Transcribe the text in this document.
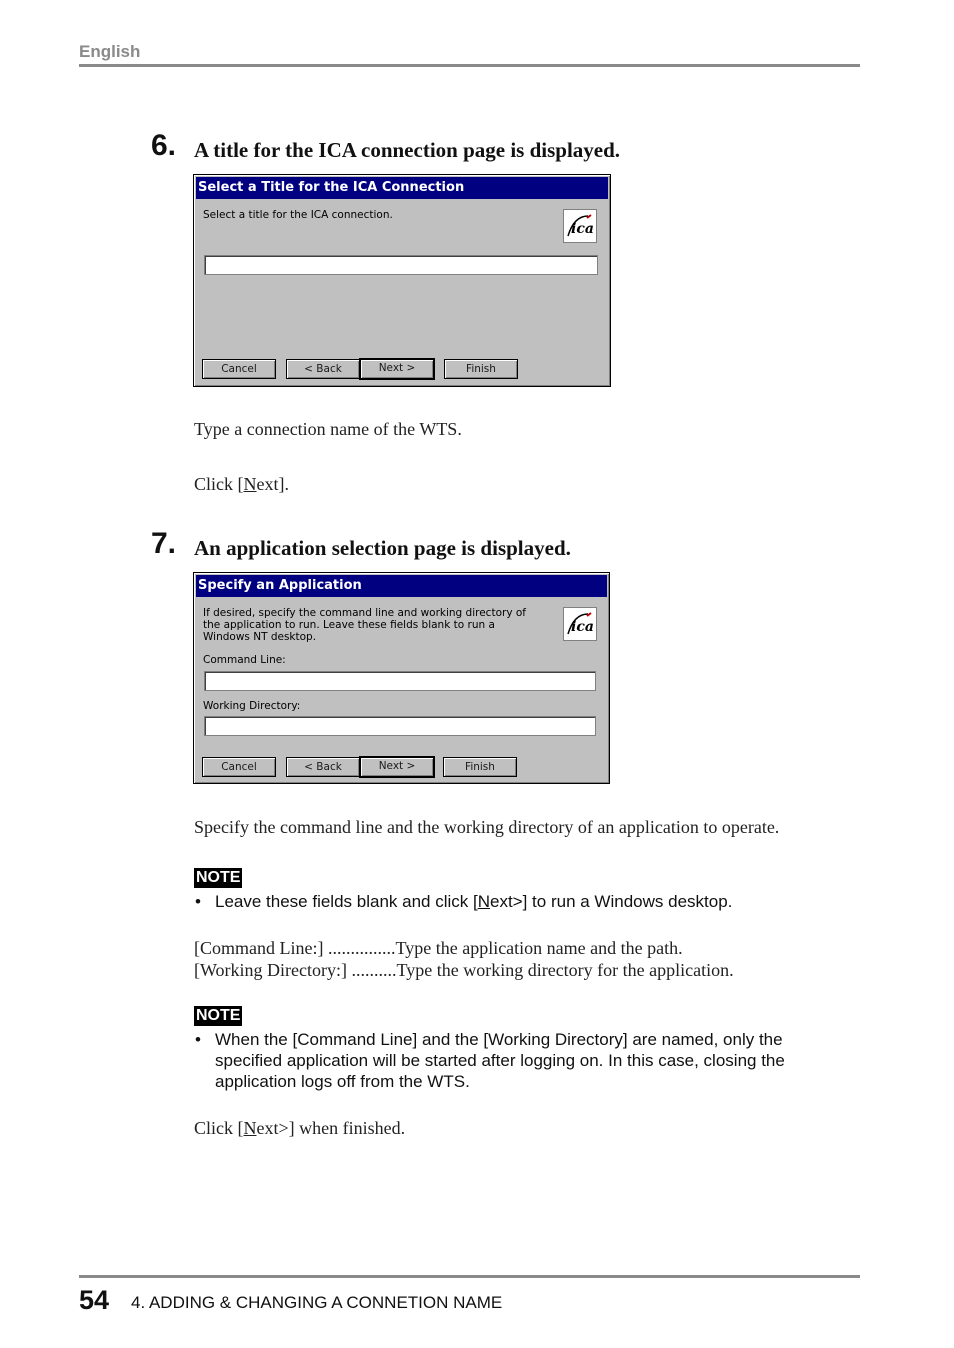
English
6. A title for the ICA connection page is displayed.
Select a Title for the ICA Connection
Select a title for the ICA connection.
ica
Cancel	< Back	Next >	Finish
Type a connection name of the WTS.
Click [Next].
7. An application selection page is displayed.
Specify an Application
If desired, specify the command line and working directory of
the application to run. Leave these fields blank to run a
Windows NT desktop.
ica
Command Line:
Working Directory:
Cancel	< Back	Next >	Finish
Specify the command line and the working directory of an application to operate.
NOTE
• Leave these fields blank and click [Next>] to run a Windows desktop.
[Command Line:] ...............Type the application name and the path.
[Working Directory:] ..........Type the working directory for the application.
NOTE
• When the [Command Line] and the [Working Directory] are named, only the specified application will be started after logging on. In this case, closing the application logs off from the WTS.
Click [Next>] when finished.
54 4. ADDING & CHANGING A CONNETION NAME
